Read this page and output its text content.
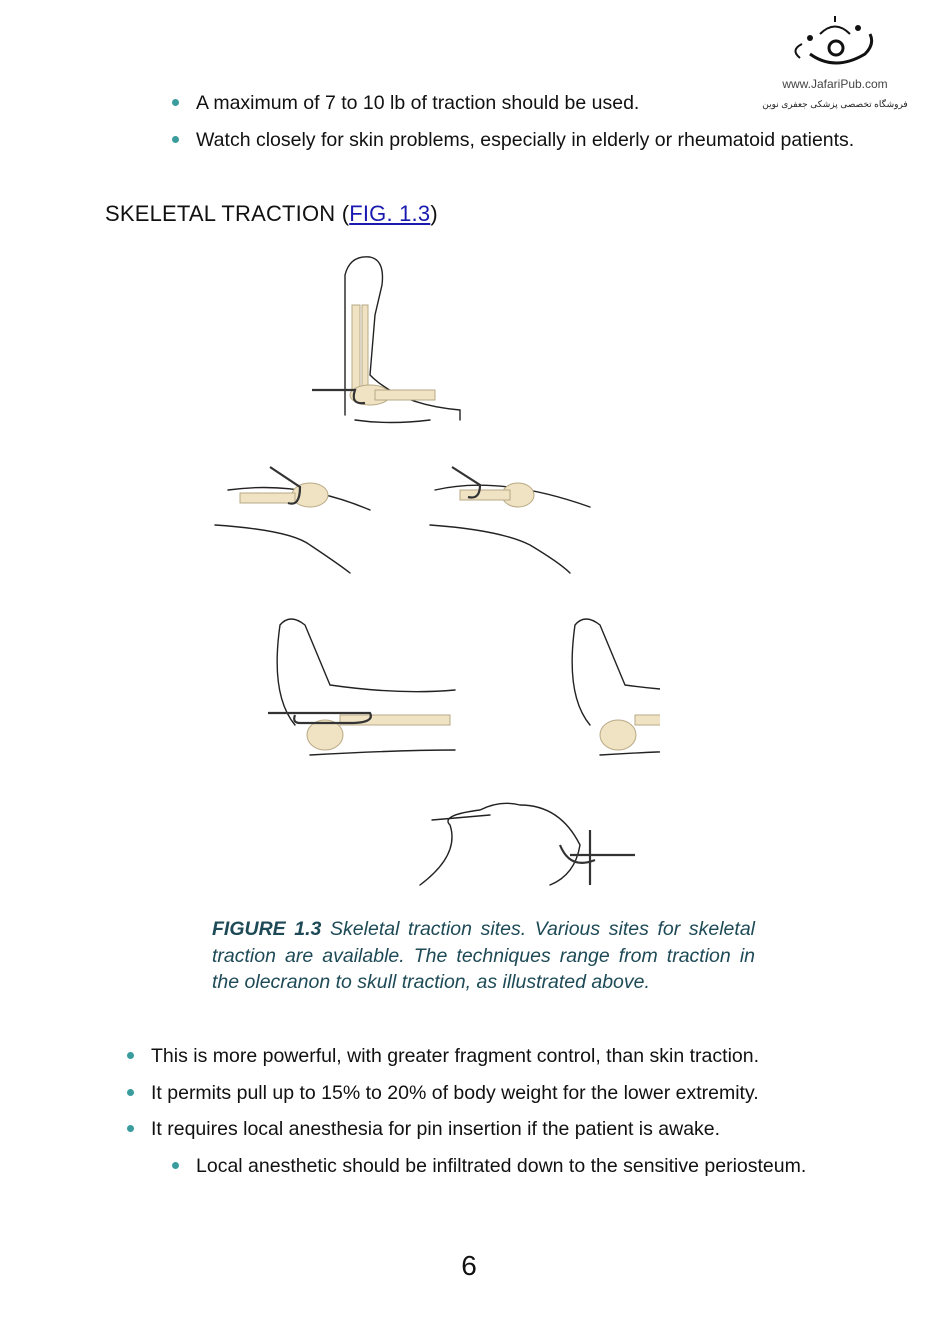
www.JafariPub.com
فروشگاه تخصصی پزشکی جعفری نوین
A maximum of 7 to 10 lb of traction should be used.
Watch closely for skin problems, especially in elderly or rheumatoid patients.
SKELETAL TRACTION (FIG. 1.3)
FIGURE 1.3 Skeletal traction sites. Various sites for skeletal traction are available. The techniques range from traction in the olecranon to skull traction, as illustrated above.
This is more powerful, with greater fragment control, than skin traction.
It permits pull up to 15% to 20% of body weight for the lower extremity.
It requires local anesthesia for pin insertion if the patient is awake.
Local anesthetic should be infiltrated down to the sensitive periosteum.
6
